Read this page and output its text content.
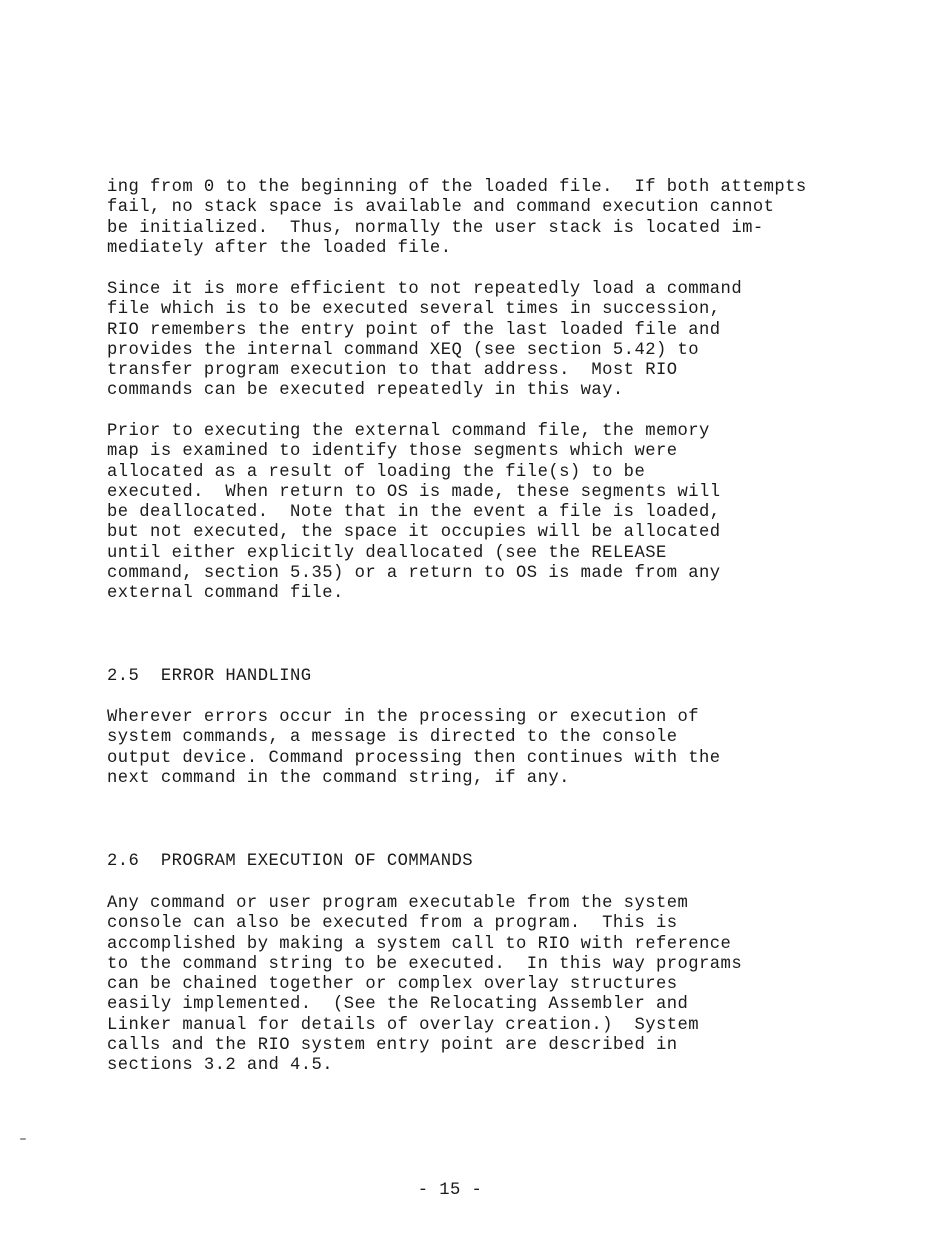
ing from 0 to the beginning of the loaded file.  If both attempts
fail, no stack space is available and command execution cannot
be initialized.  Thus, normally the user stack is located im-
mediately after the loaded file.

Since it is more efficient to not repeatedly load a command
file which is to be executed several times in succession,
RIO remembers the entry point of the last loaded file and
provides the internal command XEQ (see section 5.42) to
transfer program execution to that address.  Most RIO
commands can be executed repeatedly in this way.

Prior to executing the external command file, the memory
map is examined to identify those segments which were
allocated as a result of loading the file(s) to be
executed.  When return to OS is made, these segments will
be deallocated.  Note that in the event a file is loaded,
but not executed, the space it occupies will be allocated
until either explicitly deallocated (see the RELEASE
command, section 5.35) or a return to OS is made from any
external command file.

2.5  ERROR HANDLING

Wherever errors occur in the processing or execution of
system commands, a message is directed to the console
output device. Command processing then continues with the
next command in the command string, if any.

2.6  PROGRAM EXECUTION OF COMMANDS

Any command or user program executable from the system
console can also be executed from a program.  This is
accomplished by making a system call to RIO with reference
to the command string to be executed.  In this way programs
can be chained together or complex overlay structures
easily implemented.  (See the Relocating Assembler and
Linker manual for details of overlay creation.)  System
calls and the RIO system entry point are described in
sections 3.2 and 4.5.

- 15 -
